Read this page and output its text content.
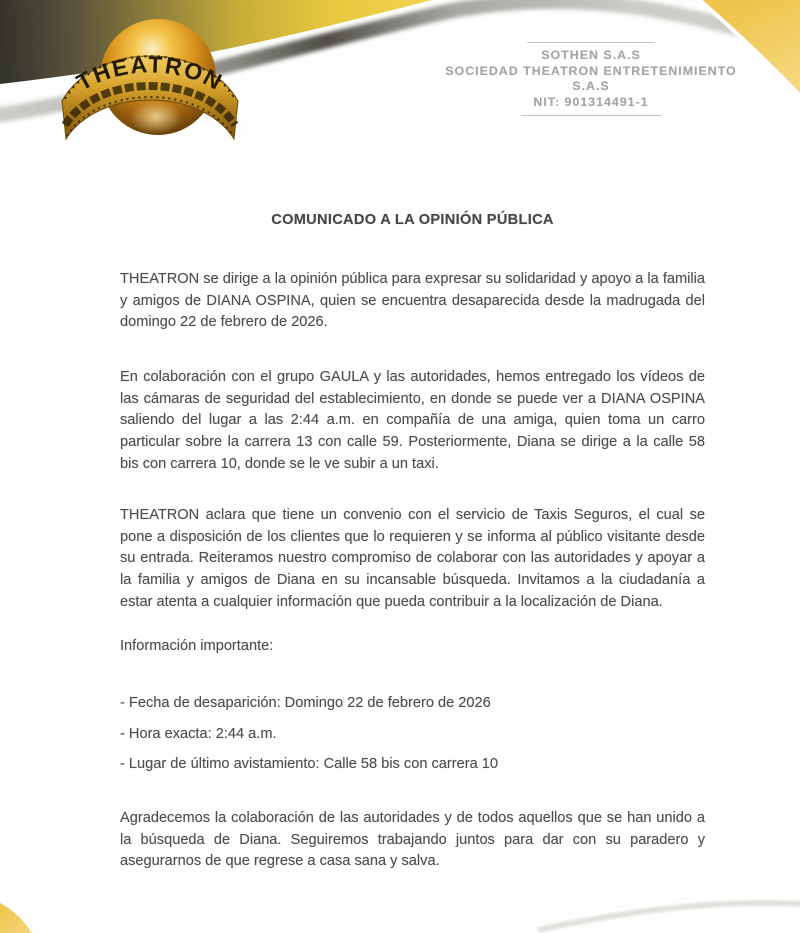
THEATRON
SOTHEN S.A.S
SOCIEDAD THEATRON ENTRETENIMIENTO S.A.S
NIT: 901314491-1
COMUNICADO A LA OPINIÓN PÚBLICA

THEATRON se dirige a la opinión pública para expresar su solidaridad y apoyo a la familia y amigos de DIANA OSPINA, quien se encuentra desaparecida desde la madrugada del domingo 22 de febrero de 2026.

En colaboración con el grupo GAULA y las autoridades, hemos entregado los vídeos de las cámaras de seguridad del establecimiento, en donde se puede ver a DIANA OSPINA saliendo del lugar a las 2:44 a.m. en compañía de una amiga, quien toma un carro particular sobre la carrera 13 con calle 59. Posteriormente, Diana se dirige a la calle 58 bis con carrera 10, donde se le ve subir a un taxi.

THEATRON aclara que tiene un convenio con el servicio de Taxis Seguros, el cual se pone a disposición de los clientes que lo requieren y se informa al público visitante desde su entrada. Reiteramos nuestro compromiso de colaborar con las autoridades y apoyar a la familia y amigos de Diana en su incansable búsqueda. Invitamos a la ciudadanía a estar atenta a cualquier información que pueda contribuir a la localización de Diana.

Información importante:
- Fecha de desaparición: Domingo 22 de febrero de 2026
- Hora exacta: 2:44 a.m.
- Lugar de último avistamiento: Calle 58 bis con carrera 10

Agradecemos la colaboración de las autoridades y de todos aquellos que se han unido a la búsqueda de Diana. Seguiremos trabajando juntos para dar con su paradero y asegurarnos de que regrese a casa sana y salva.
